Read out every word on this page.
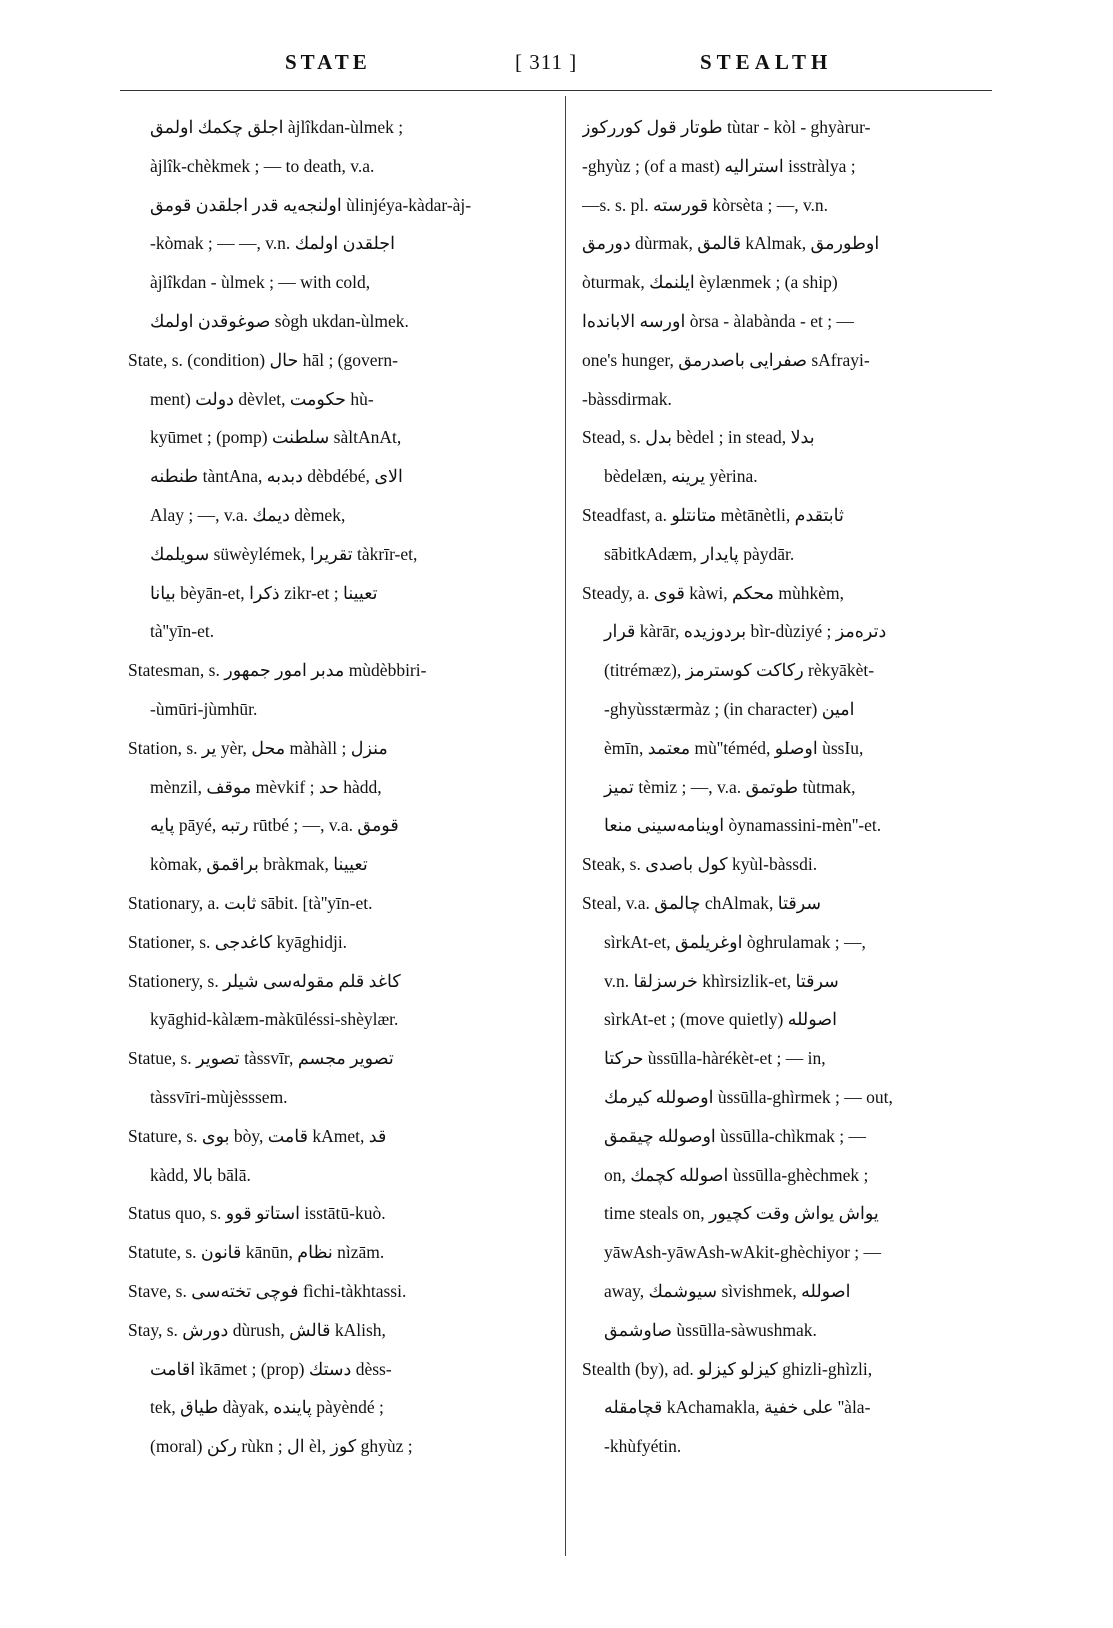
STATE	[ 311 ]	STEALTH
اجلق چکمك اولمق àjlîkdan-ùlmek ;
àjlîk-chèkmek ; — to death, v.a.
اولنجه‌یه قدر اجلقدن قومق ùlinjéya-kàdar-àj-
-kòmak ; — —, v.n. اجلقدن اولمك
àjlîkdan - ùlmek ; — with cold,
صوغوقدن اولمك sògh ukdan-ùlmek.
State, s. (condition) حال hāl ; (govern-
ment) دولت dèvlet, حکومت hù-
kyūmet ; (pomp) سلطنت sàltAnAt,
طنطنه tàntAna, دبدبه dèbdébé, الای
Alay ; —, v.a. دیمك dèmek,
سویلمك süwèylémek, تقریرا tàkrīr-et,
بیانا bèyān-et, ذکرا zikr-et ; تعیینا
tà''yīn-et.
Statesman, s. مدبر امور جمهور mùdèbbiri-
-ùmūri-jùmhūr.
Station, s. یر yèr, محل màhàll ; منزل
mènzil, موقف mèvkif ; حد hàdd,
پایه pāyé, رتبه rūtbé ; —, v.a. قومق
kòmak, براقمق bràkmak, تعیینا
Stationary, a. ثابت sābit. [tà''yīn-et.
Stationer, s. کاغدجی kyāghidji.
Stationery, s. کاغد قلم مقوله‌سی شیلر
kyāghid-kàlæm-màkūléssi-shèylær.
Statue, s. تصویر tàssvīr, تصویر مجسم
tàssvīri-mùjèsssem.
Stature, s. بوی bòy, قامت kAmet, قد
kàdd, بالا bālā.
Status quo, s. استاتو قوو isstātū-kuò.
Statute, s. قانون kānūn, نظام nìzām.
Stave, s. فوچی تخته‌سی fìchi-tàkhtassi.
Stay, s. دورش dùrush, قالش kAlish,
اقامت ìkāmet ; (prop) دستك dèss-
tek, طیاق dàyak, پاینده pàyèndé ;
(moral) رکن rùkn ; ال èl, کوز ghyùz ;
طوتار قول کوررکوز tùtar - kòl - ghyàrur-
-ghyùz ; (of a mast) استرالیه isstràlya ;
—s. s. pl. قورسته kòrsèta ; —, v.n.
دورمق dùrmak, قالمق kAlmak, اوطورمق
òturmak, ایلنمك èylænmek ; (a ship)
اورسه الابانده‌ا òrsa - àlabànda - et ; —
one's hunger, صفرایی باصدرمق sAfrayi-
-bàssdirmak.
Stead, s. بدل bèdel ; in stead, بدلا
bèdelæn, یرینه yèrina.
Steadfast, a. متانتلو mètānètli, ثابتقدم
sābitkAdæm, پایدار pàydār.
Steady, a. قوی kàwi, محکم mùhkèm,
قرار kàrār, بردوزیده bìr-dùziyé ; دتره‌مز
(titrémæz), رکاکت کوسترمز rèkyākèt-
-ghyùsstærmàz ; (in character) امین
èmīn, معتمد mù''téméd, اوصلو ùssIu,
تمیز tèmiz ; —, v.a. طوتمق tùtmak,
اوینامه‌سینی منعا òynamassini-mèn''-et.
Steak, s. کول باصدی kyùl-bàssdi.
Steal, v.a. چالمق chAlmak, سرقتا
sìrkAt-et, اوغریلمق òghrulamak ; —,
v.n. خرسزلقا khìrsizlik-et, سرقتا
sìrkAt-et ; (move quietly) اصولله
حرکتا ùssūlla-hàrékèt-et ; — in,
اوصولله کیرمك ùssūlla-ghìrmek ; — out,
اوصولله چیقمق ùssūlla-chìkmak ; —
on, اصولله کچمك ùssūlla-ghèchmek ;
time steals on, یواش یواش وقت کچیور
yāwAsh-yāwAsh-wAkit-ghèchiyor ; —
away, سیوشمك sìvishmek, اصولله
صاوشمق ùssūlla-sàwushmak.
Stealth (by), ad. کیزلو کیزلو ghizli-ghìzli,
قچامقله kAchamakla, علی خفیة ''àla-
-khùfyétin.
